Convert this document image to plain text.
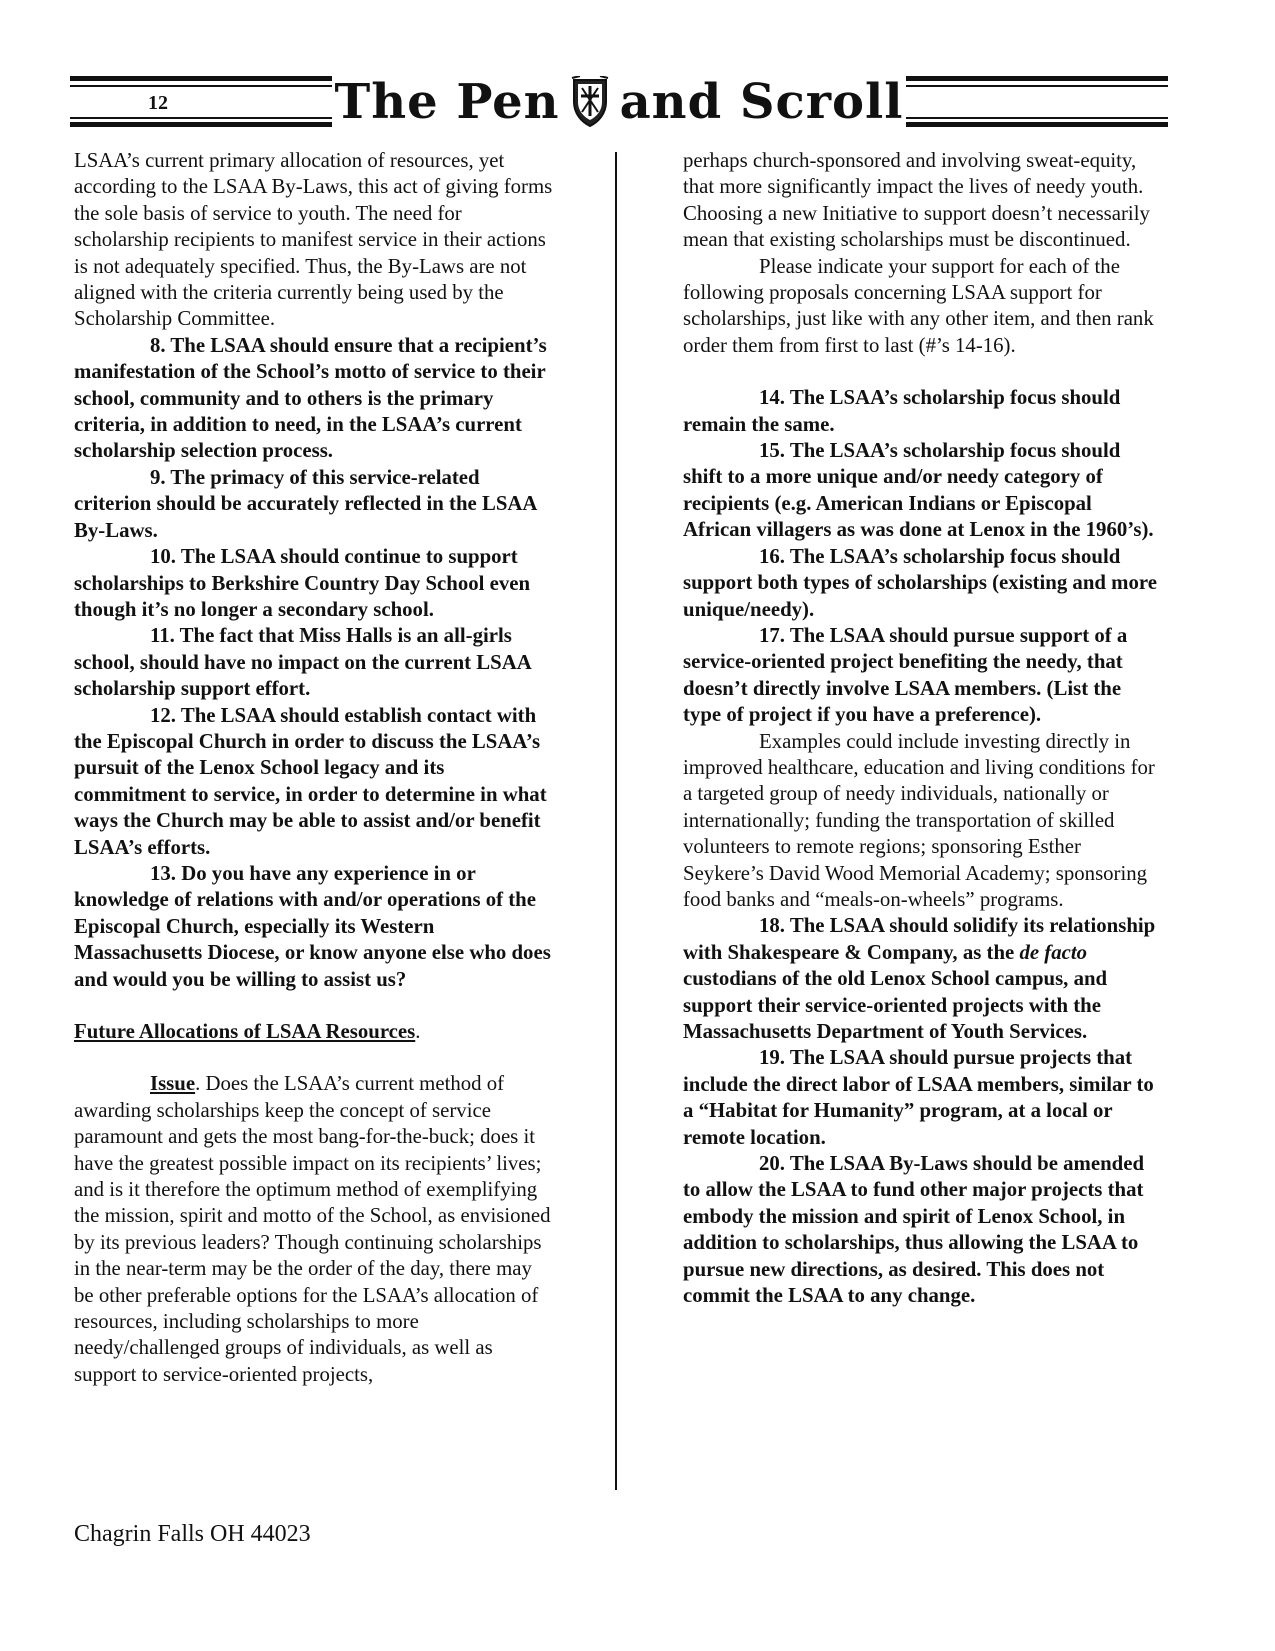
12	The Pen and Scroll

LSAA’s current primary allocation of resources, yet according to the LSAA By-Laws, this act of giving forms the sole basis of service to youth. The need for scholarship recipients to manifest service in their actions is not adequately specified. Thus, the By-Laws are not aligned with the criteria currently being used by the Scholarship Committee.

8. The LSAA should ensure that a recipient’s manifestation of the School’s motto of service to their school, community and to others is the primary criteria, in addition to need, in the LSAA’s current scholarship selection process.

9. The primacy of this service-related criterion should be accurately reflected in the LSAA By-Laws.

10. The LSAA should continue to support scholarships to Berkshire Country Day School even though it’s no longer a secondary school.

11. The fact that Miss Halls is an all-girls school, should have no impact on the current LSAA scholarship support effort.

12. The LSAA should establish contact with the Episcopal Church in order to discuss the LSAA’s pursuit of the Lenox School legacy and its commitment to service, in order to determine in what ways the Church may be able to assist and/or benefit LSAA’s efforts.

13. Do you have any experience in or knowledge of relations with and/or operations of the Episcopal Church, especially its Western Massachusetts Diocese, or know anyone else who does and would you be willing to assist us?

Future Allocations of LSAA Resources.

Issue. Does the LSAA’s current method of awarding scholarships keep the concept of service paramount and gets the most bang-for-the-buck; does it have the greatest possible impact on its recipients’ lives; and is it therefore the optimum method of exemplifying the mission, spirit and motto of the School, as envisioned by its previous leaders? Though continuing scholarships in the near-term may be the order of the day, there may be other preferable options for the LSAA’s allocation of resources, including scholarships to more needy/challenged groups of individuals, as well as support to service-oriented projects,

perhaps church-sponsored and involving sweat-equity, that more significantly impact the lives of needy youth. Choosing a new Initiative to support doesn’t necessarily mean that existing scholarships must be discontinued.

Please indicate your support for each of the following proposals concerning LSAA support for scholarships, just like with any other item, and then rank order them from first to last (#’s 14-16).

14. The LSAA’s scholarship focus should remain the same.

15. The LSAA’s scholarship focus should shift to a more unique and/or needy category of recipients (e.g. American Indians or Episcopal African villagers as was done at Lenox in the 1960’s).

16. The LSAA’s scholarship focus should support both types of scholarships (existing and more unique/needy).

17. The LSAA should pursue support of a service-oriented project benefiting the needy, that doesn’t directly involve LSAA members. (List the type of project if you have a preference).

Examples could include investing directly in improved healthcare, education and living conditions for a targeted group of needy individuals, nationally or internationally; funding the transportation of skilled volunteers to remote regions; sponsoring Esther Seykere’s David Wood Memorial Academy; sponsoring food banks and “meals-on-wheels” programs.

18. The LSAA should solidify its relationship with Shakespeare & Company, as the de facto custodians of the old Lenox School campus, and support their service-oriented projects with the Massachusetts Department of Youth Services.

19. The LSAA should pursue projects that include the direct labor of LSAA members, similar to a “Habitat for Humanity” program, at a local or remote location.

20. The LSAA By-Laws should be amended to allow the LSAA to fund other major projects that embody the mission and spirit of Lenox School, in addition to scholarships, thus allowing the LSAA to pursue new directions, as desired. This does not commit the LSAA to any change.

Chagrin Falls OH 44023
